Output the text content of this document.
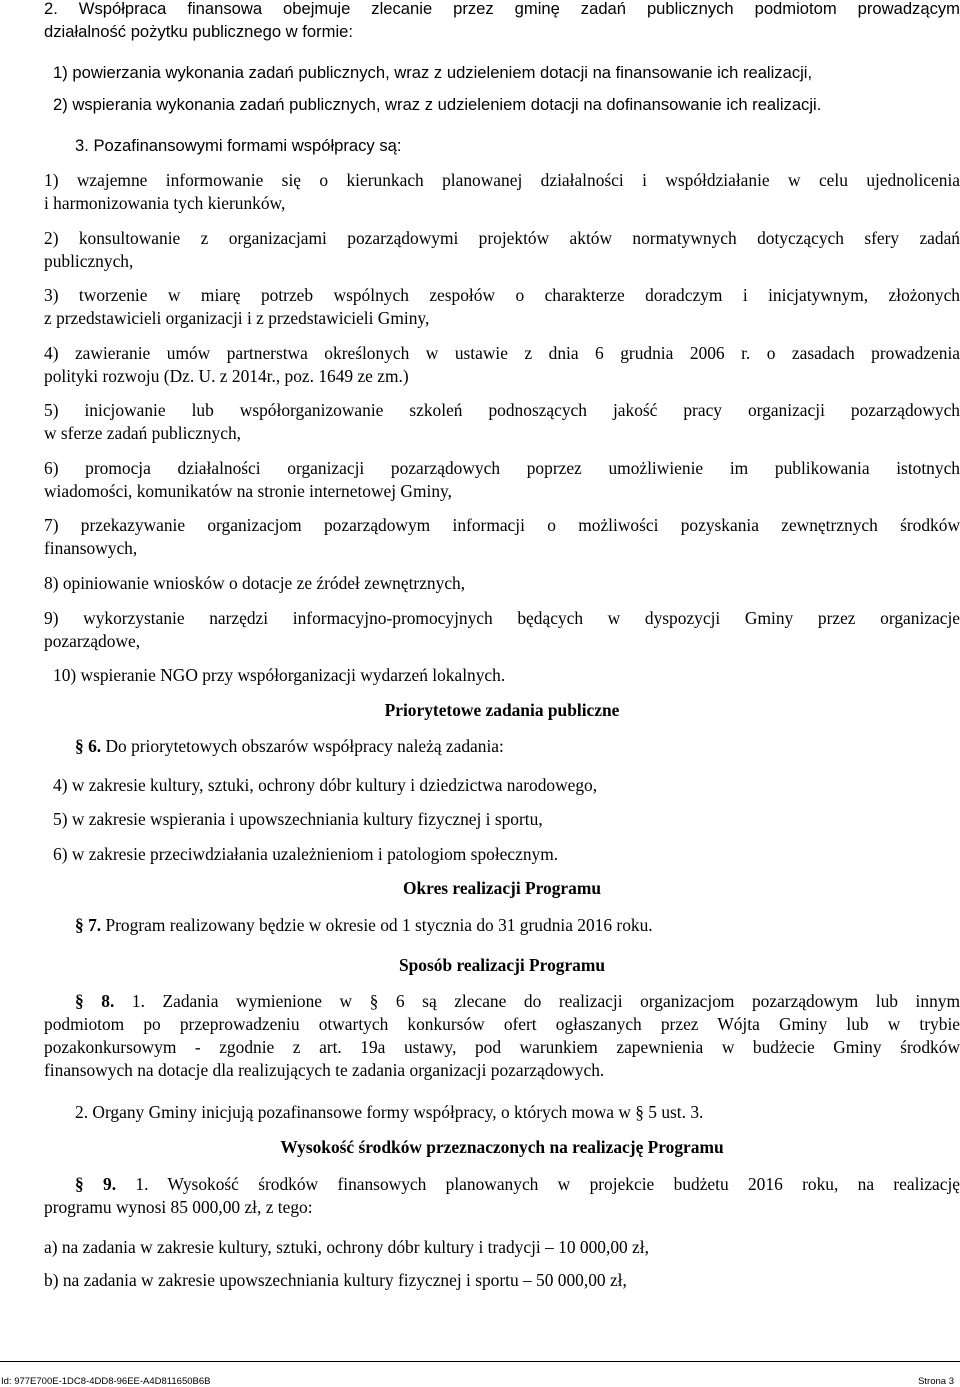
2. Współpraca finansowa obejmuje zlecanie przez gminę zadań publicznych podmiotom prowadzącym

działalność pożytku publicznego w formie:

1) powierzania wykonania zadań publicznych, wraz z udzieleniem dotacji na finansowanie ich realizacji,

2) wspierania wykonania zadań publicznych, wraz z udzieleniem dotacji na dofinansowanie ich realizacji.

3. Pozafinansowymi formami współpracy są:

1) wzajemne informowanie się o kierunkach planowanej działalności i współdziałanie w celu ujednolicenia

i harmonizowania tych kierunków,

2) konsultowanie z organizacjami pozarządowymi projektów aktów normatywnych dotyczących sfery zadań

publicznych,

3) tworzenie w miarę potrzeb wspólnych zespołów o charakterze doradczym i inicjatywnym, złożonych

z przedstawicieli organizacji i z przedstawicieli Gminy,

4) zawieranie umów partnerstwa określonych w ustawie z dnia 6 grudnia 2006 r. o zasadach prowadzenia

polityki rozwoju (Dz. U. z 2014r., poz. 1649 ze zm.)

5) inicjowanie lub współorganizowanie szkoleń podnoszących jakość pracy organizacji pozarządowych

w sferze zadań publicznych,

6) promocja działalności organizacji pozarządowych poprzez umożliwienie im publikowania istotnych

wiadomości, komunikatów na stronie internetowej Gminy,

7) przekazywanie organizacjom pozarządowym informacji o możliwości pozyskania zewnętrznych środków

finansowych,

8) opiniowanie wniosków o dotacje ze źródeł zewnętrznych,

9) wykorzystanie narzędzi informacyjno-promocyjnych będących w dyspozycji Gminy przez organizacje

pozarządowe,

10) wspieranie NGO przy współorganizacji wydarzeń lokalnych.

Priorytetowe zadania publiczne

§ 6. Do priorytetowych obszarów współpracy należą zadania:

4) w zakresie kultury, sztuki, ochrony dóbr kultury i dziedzictwa narodowego,

5) w zakresie wspierania i upowszechniania kultury fizycznej i sportu,

6) w zakresie przeciwdziałania uzależnieniom i patologiom społecznym.

Okres realizacji Programu

§ 7. Program realizowany będzie w okresie od 1 stycznia do 31 grudnia 2016 roku.

Sposób realizacji Programu

§ 8. 1. Zadania wymienione w § 6 są zlecane do realizacji organizacjom pozarządowym lub innym

podmiotom po przeprowadzeniu otwartych konkursów ofert ogłaszanych przez Wójta Gminy lub w trybie

pozakonkursowym - zgodnie z art. 19a ustawy, pod warunkiem zapewnienia w budżecie Gminy środków

finansowych na dotacje dla realizujących te zadania organizacji pozarządowych.

2. Organy Gminy inicjują pozafinansowe formy współpracy, o których mowa w § 5 ust. 3.

Wysokość środków przeznaczonych na realizację Programu

§ 9. 1. Wysokość środków finansowych planowanych w projekcie budżetu 2016 roku, na realizację

programu wynosi 85 000,00 zł, z tego:

a) na zadania w zakresie kultury, sztuki, ochrony dóbr kultury i tradycji – 10 000,00 zł,

b) na zadania w zakresie upowszechniania kultury fizycznej i sportu – 50 000,00 zł,

Id: 977E700E-1DC8-4DD8-96EE-A4D811650B6B	Strona 3
